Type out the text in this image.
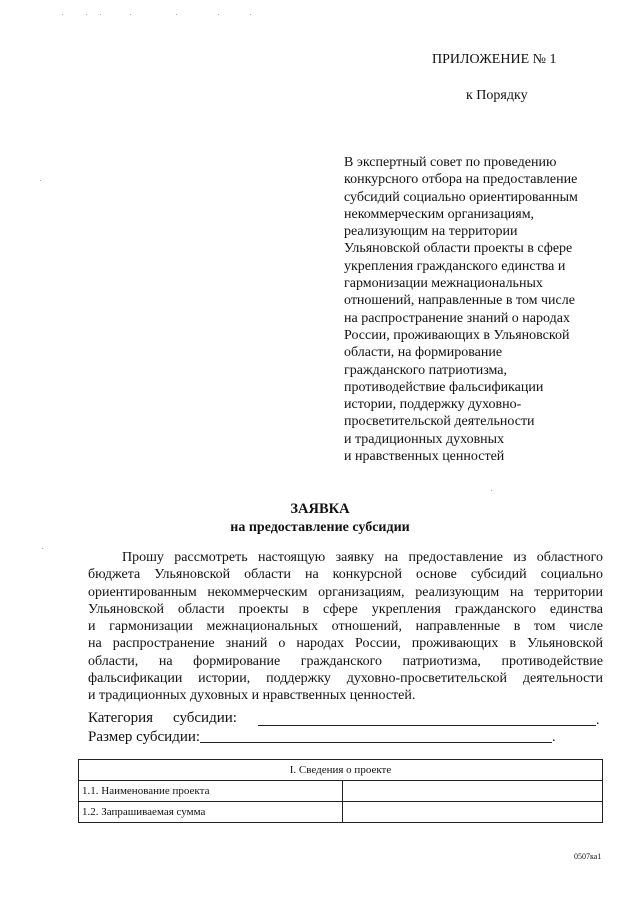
ПРИЛОЖЕНИЕ № 1
к Порядку
В экспертный совет по проведению
конкурсного отбора на предоставление
субсидий социально ориентированным
некоммерческим организациям,
реализующим на территории
Ульяновской области проекты в сфере
укрепления гражданского единства и
гармонизации межнациональных
отношений, направленные в том числе
на распространение знаний о народах
России, проживающих в Ульяновской
области, на формирование
гражданского патриотизма,
противодействие фальсификации
истории, поддержку духовно-
просветительской деятельности
и традиционных духовных
и нравственных ценностей
ЗАЯВКА
на предоставление субсидии
Прошу рассмотреть настоящую заявку на предоставление из областного
бюджета Ульяновской области на конкурсной основе субсидий социально
ориентированным некоммерческим организациям, реализующим на территории
Ульяновской области проекты в сфере укрепления гражданского единства
и гармонизации межнациональных отношений, направленные в том числе
на распространение знаний о народах России, проживающих в Ульяновской
области, на формирование гражданского патриотизма, противодействие
фальсификации истории, поддержку духовно-просветительской деятельности
и традиционных духовных и нравственных ценностей.
Категория субсидии:	.
Размер субсидии:	.
I. Сведения о проекте	
1.1. Наименование проекта	
1.2. Запрашиваемая сумма	
0507ка1
